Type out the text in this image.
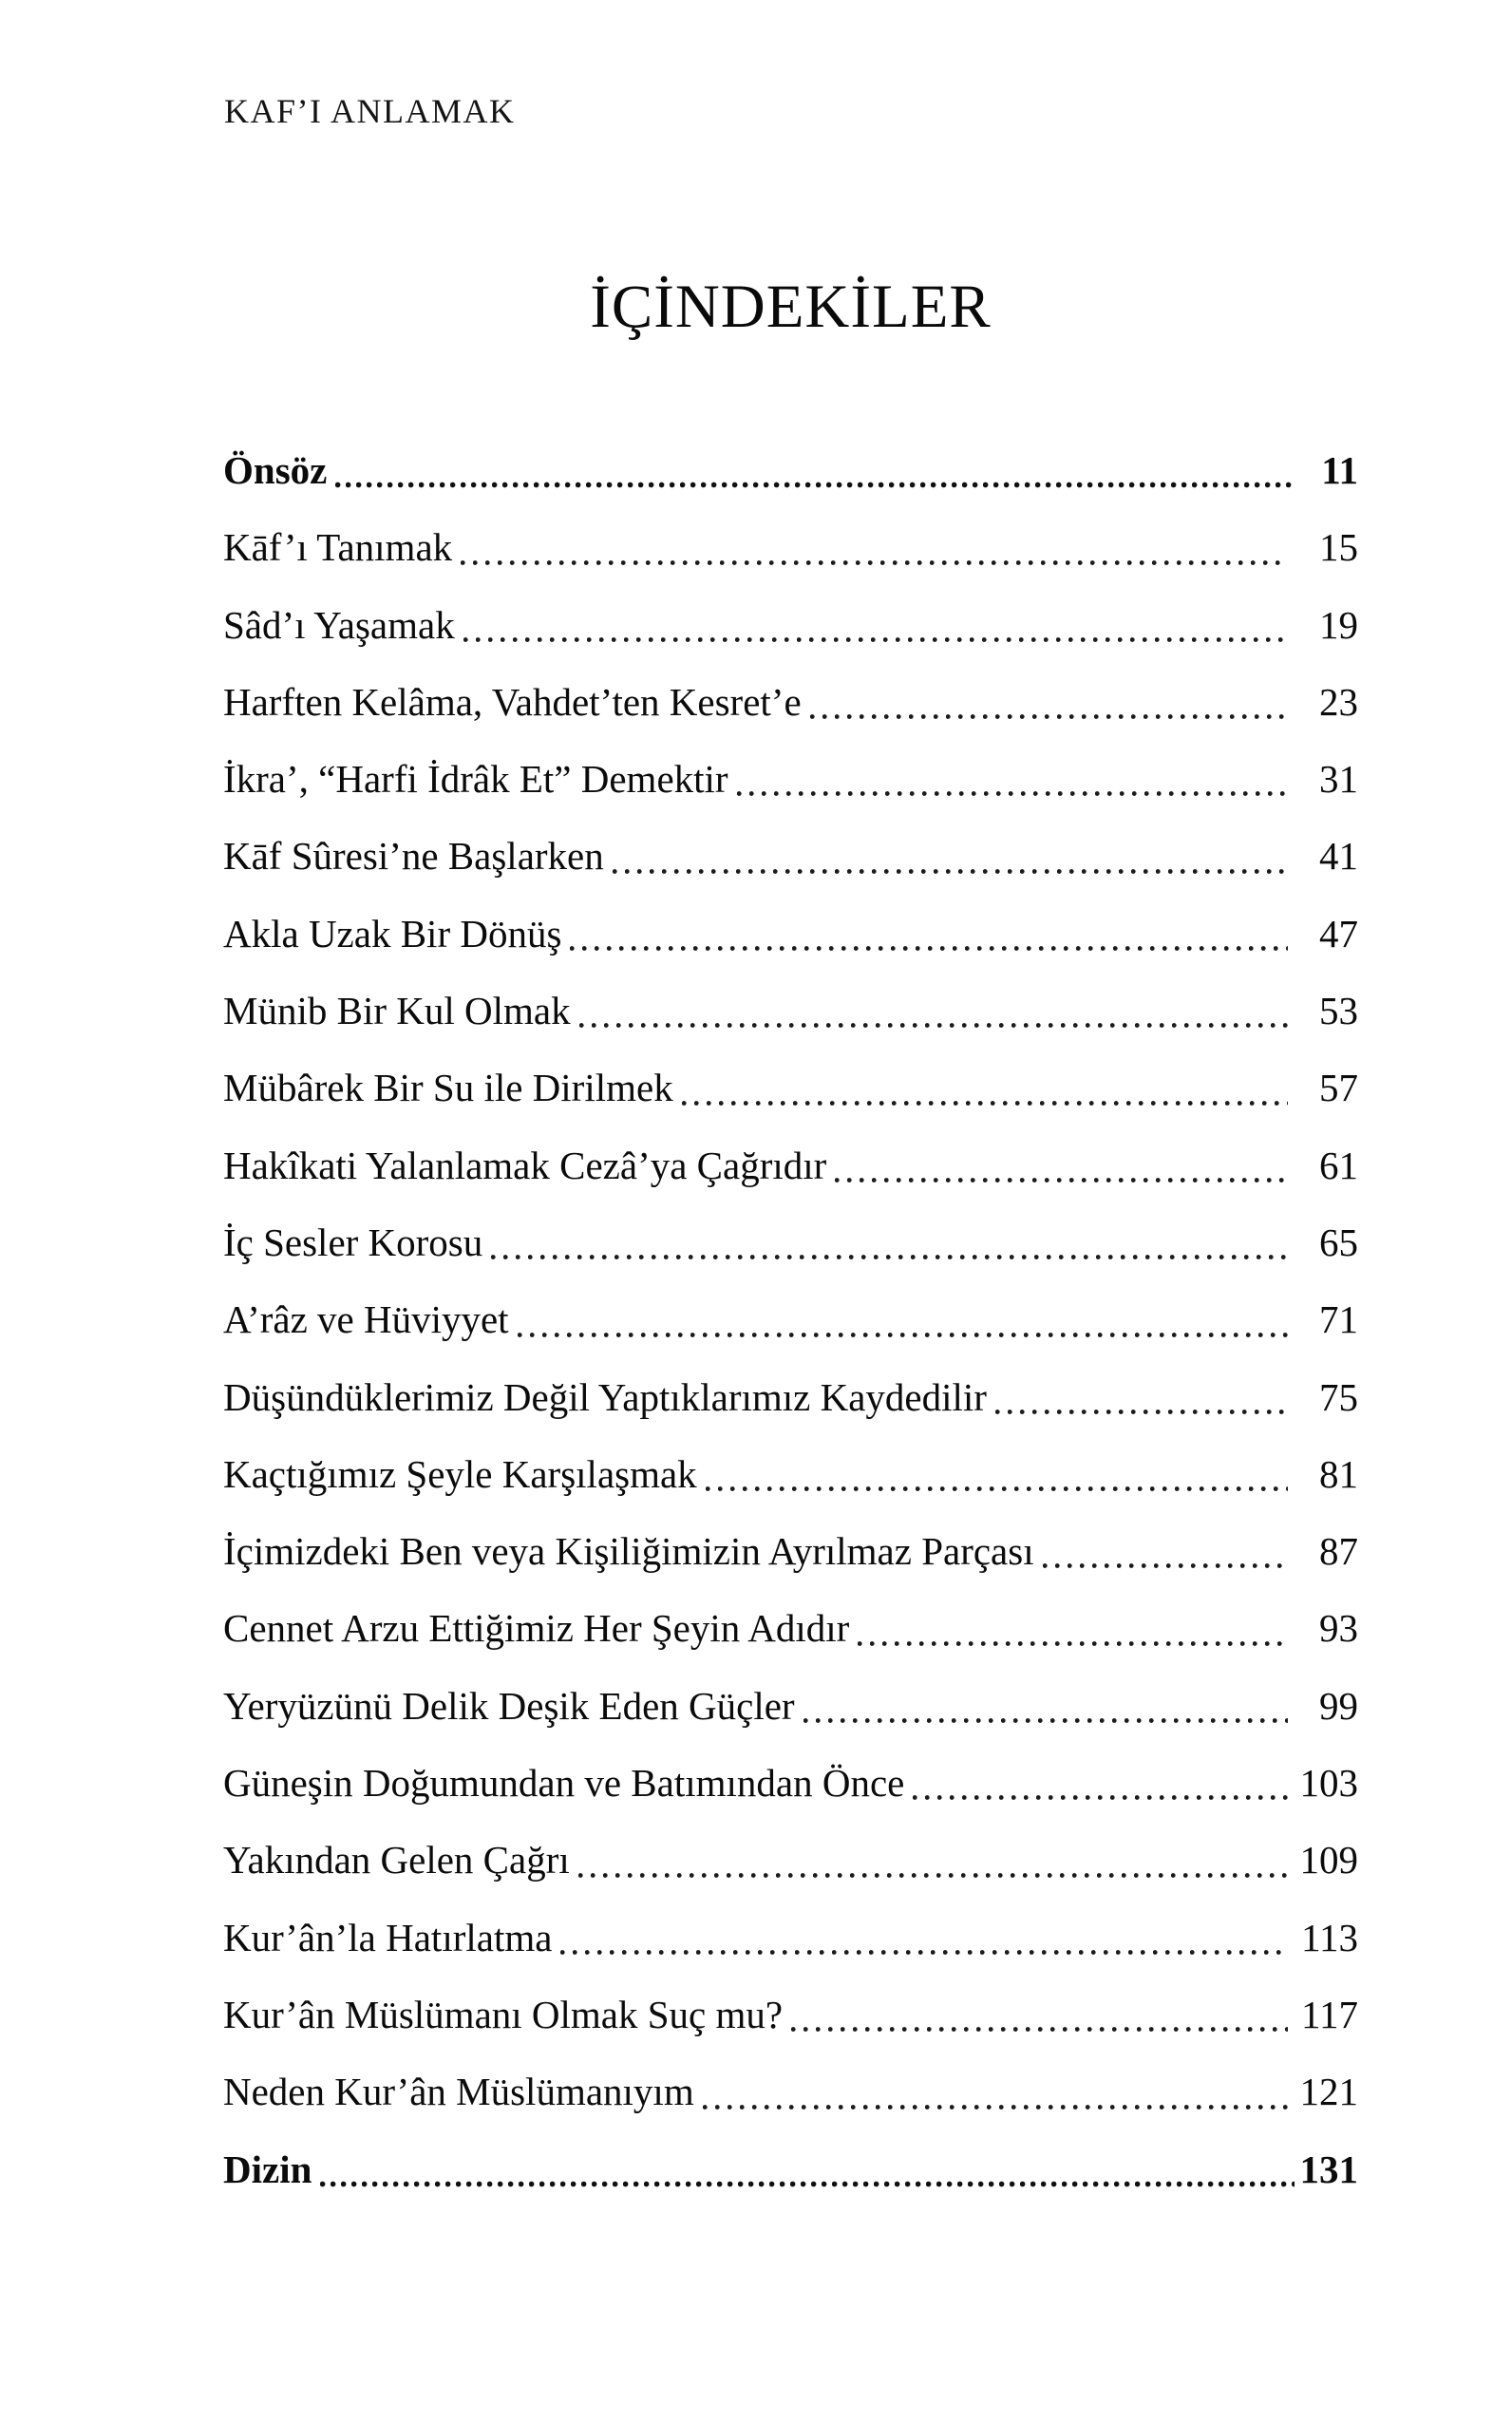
KAF’I ANLAMAK
İÇİNDEKİLER
Önsöz	11
Kāf’ı Tanımak	15
Sâd’ı Yaşamak	19
Harften Kelâma, Vahdet’ten Kesret’e	23
İkra’, “Harfi İdrâk Et” Demektir	31
Kāf Sûresi’ne Başlarken	41
Akla Uzak Bir Dönüş	47
Münib Bir Kul Olmak	53
Mübârek Bir Su ile Dirilmek	57
Hakîkati Yalanlamak Cezâ’ya Çağrıdır	61
İç Sesler Korosu	65
A’râz ve Hüviyyet	71
Düşündüklerimiz Değil Yaptıklarımız Kaydedilir	75
Kaçtığımız Şeyle Karşılaşmak	81
İçimizdeki Ben veya Kişiliğimizin Ayrılmaz Parçası	87
Cennet Arzu Ettiğimiz Her Şeyin Adıdır	93
Yeryüzünü Delik Deşik Eden Güçler	99
Güneşin Doğumundan ve Batımından Önce	103
Yakından Gelen Çağrı	109
Kur’ân’la Hatırlatma	113
Kur’ân Müslümanı Olmak Suç mu?	117
Neden Kur’ân Müslümanıyım	121
Dizin	131
